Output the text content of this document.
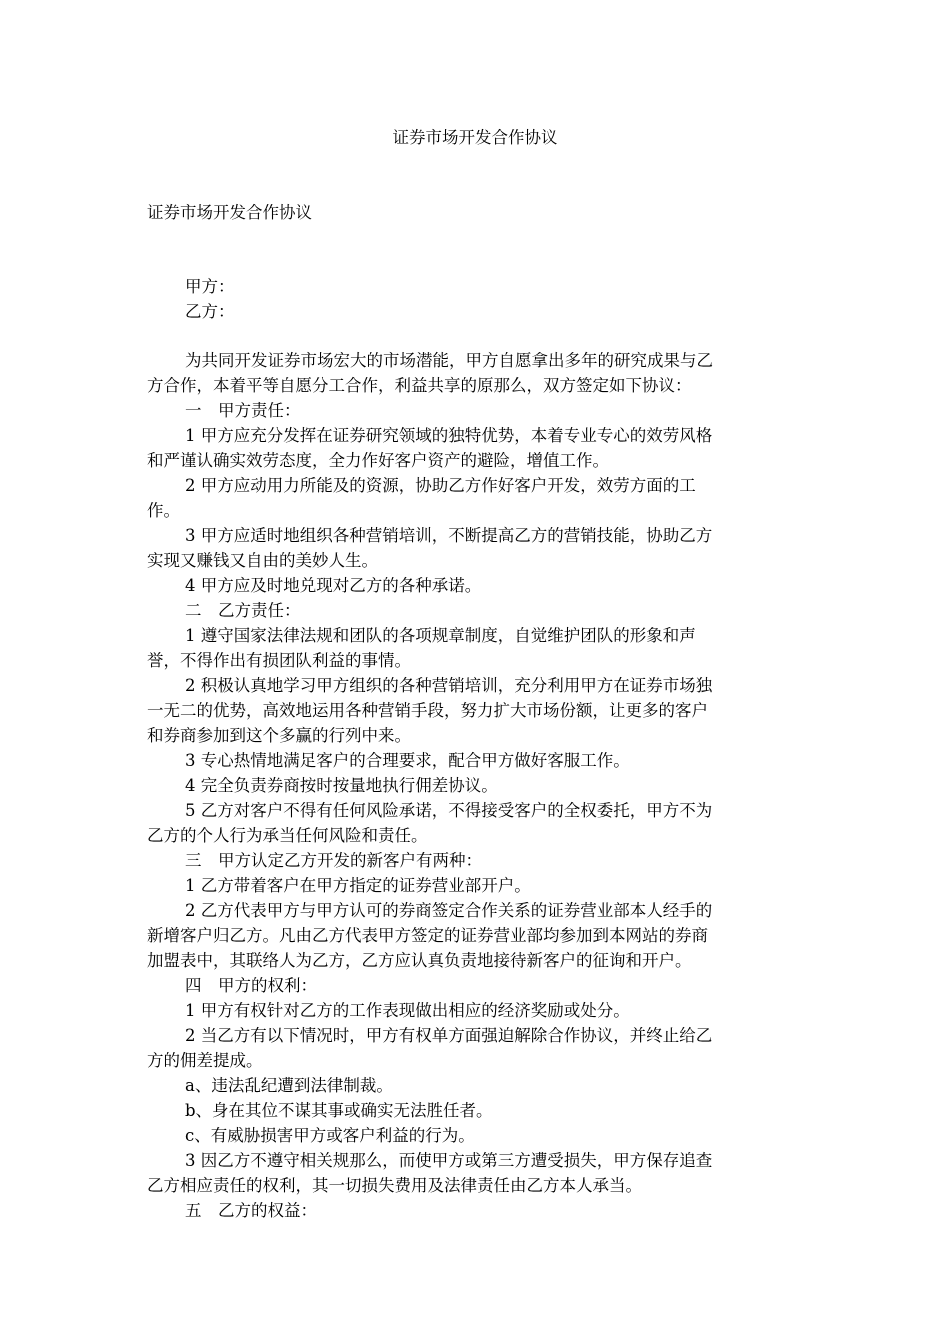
证券市场开发合作协议

证券市场开发合作协议

甲方：

乙方：

为共同开发证券市场宏大的市场潜能，甲方自愿拿出多年的研究成果与乙
方合作，本着平等自愿分工合作，利益共享的原那么，双方签定如下协议：

一　甲方责任：

1 甲方应充分发挥在证券研究领域的独特优势，本着专业专心的效劳风格
和严谨认确实效劳态度，全力作好客户资产的避险，增值工作。

2 甲方应动用力所能及的资源，协助乙方作好客户开发，效劳方面的工
作。

3 甲方应适时地组织各种营销培训，不断提高乙方的营销技能，协助乙方
实现又赚钱又自由的美妙人生。

4 甲方应及时地兑现对乙方的各种承诺。

二　乙方责任：

1 遵守国家法律法规和团队的各项规章制度，自觉维护团队的形象和声
誉，不得作出有损团队利益的事情。

2 积极认真地学习甲方组织的各种营销培训，充分利用甲方在证券市场独
一无二的优势，高效地运用各种营销手段，努力扩大市场份额，让更多的客户
和券商参加到这个多赢的行列中来。

3 专心热情地满足客户的合理要求，配合甲方做好客服工作。

4 完全负责券商按时按量地执行佣差协议。

5 乙方对客户不得有任何风险承诺，不得接受客户的全权委托，甲方不为
乙方的个人行为承当任何风险和责任。

三　甲方认定乙方开发的新客户有两种：

1 乙方带着客户在甲方指定的证券营业部开户。

2 乙方代表甲方与甲方认可的券商签定合作关系的证券营业部本人经手的
新增客户归乙方。凡由乙方代表甲方签定的证券营业部均参加到本网站的券商
加盟表中，其联络人为乙方，乙方应认真负责地接待新客户的征询和开户。

四　甲方的权利：

1 甲方有权针对乙方的工作表现做出相应的经济奖励或处分。

2 当乙方有以下情况时，甲方有权单方面强迫解除合作协议，并终止给乙
方的佣差提成。

a、违法乱纪遭到法律制裁。

b、身在其位不谋其事或确实无法胜任者。

c、有威胁损害甲方或客户利益的行为。

3 因乙方不遵守相关规那么，而使甲方或第三方遭受损失，甲方保存追查
乙方相应责任的权利，其一切损失费用及法律责任由乙方本人承当。

五　乙方的权益：
